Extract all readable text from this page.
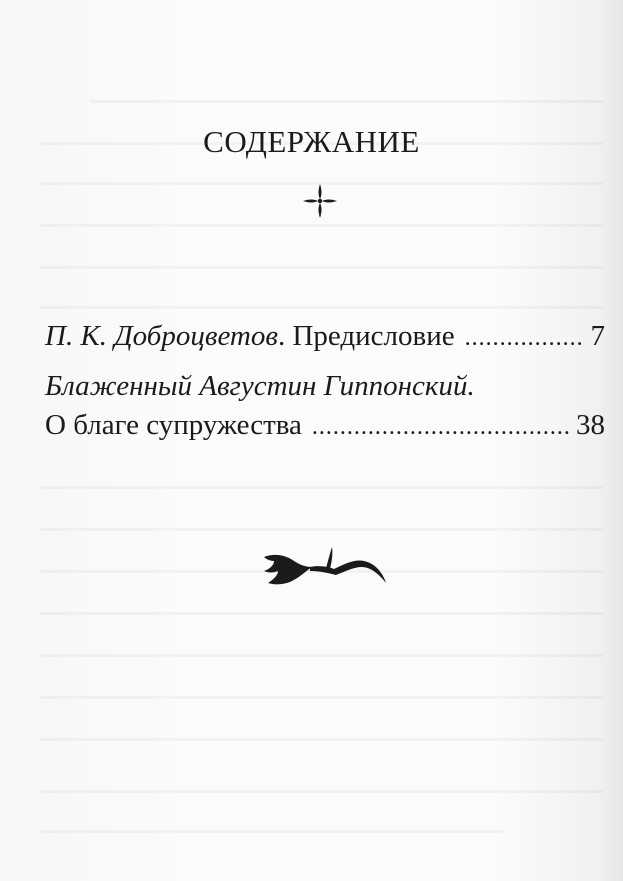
СОДЕРЖАНИЕ
П. К. Доброцветов. Предисловие .....	7
Блаженный Августин Гиппонский.
О благе супружества .....	38
